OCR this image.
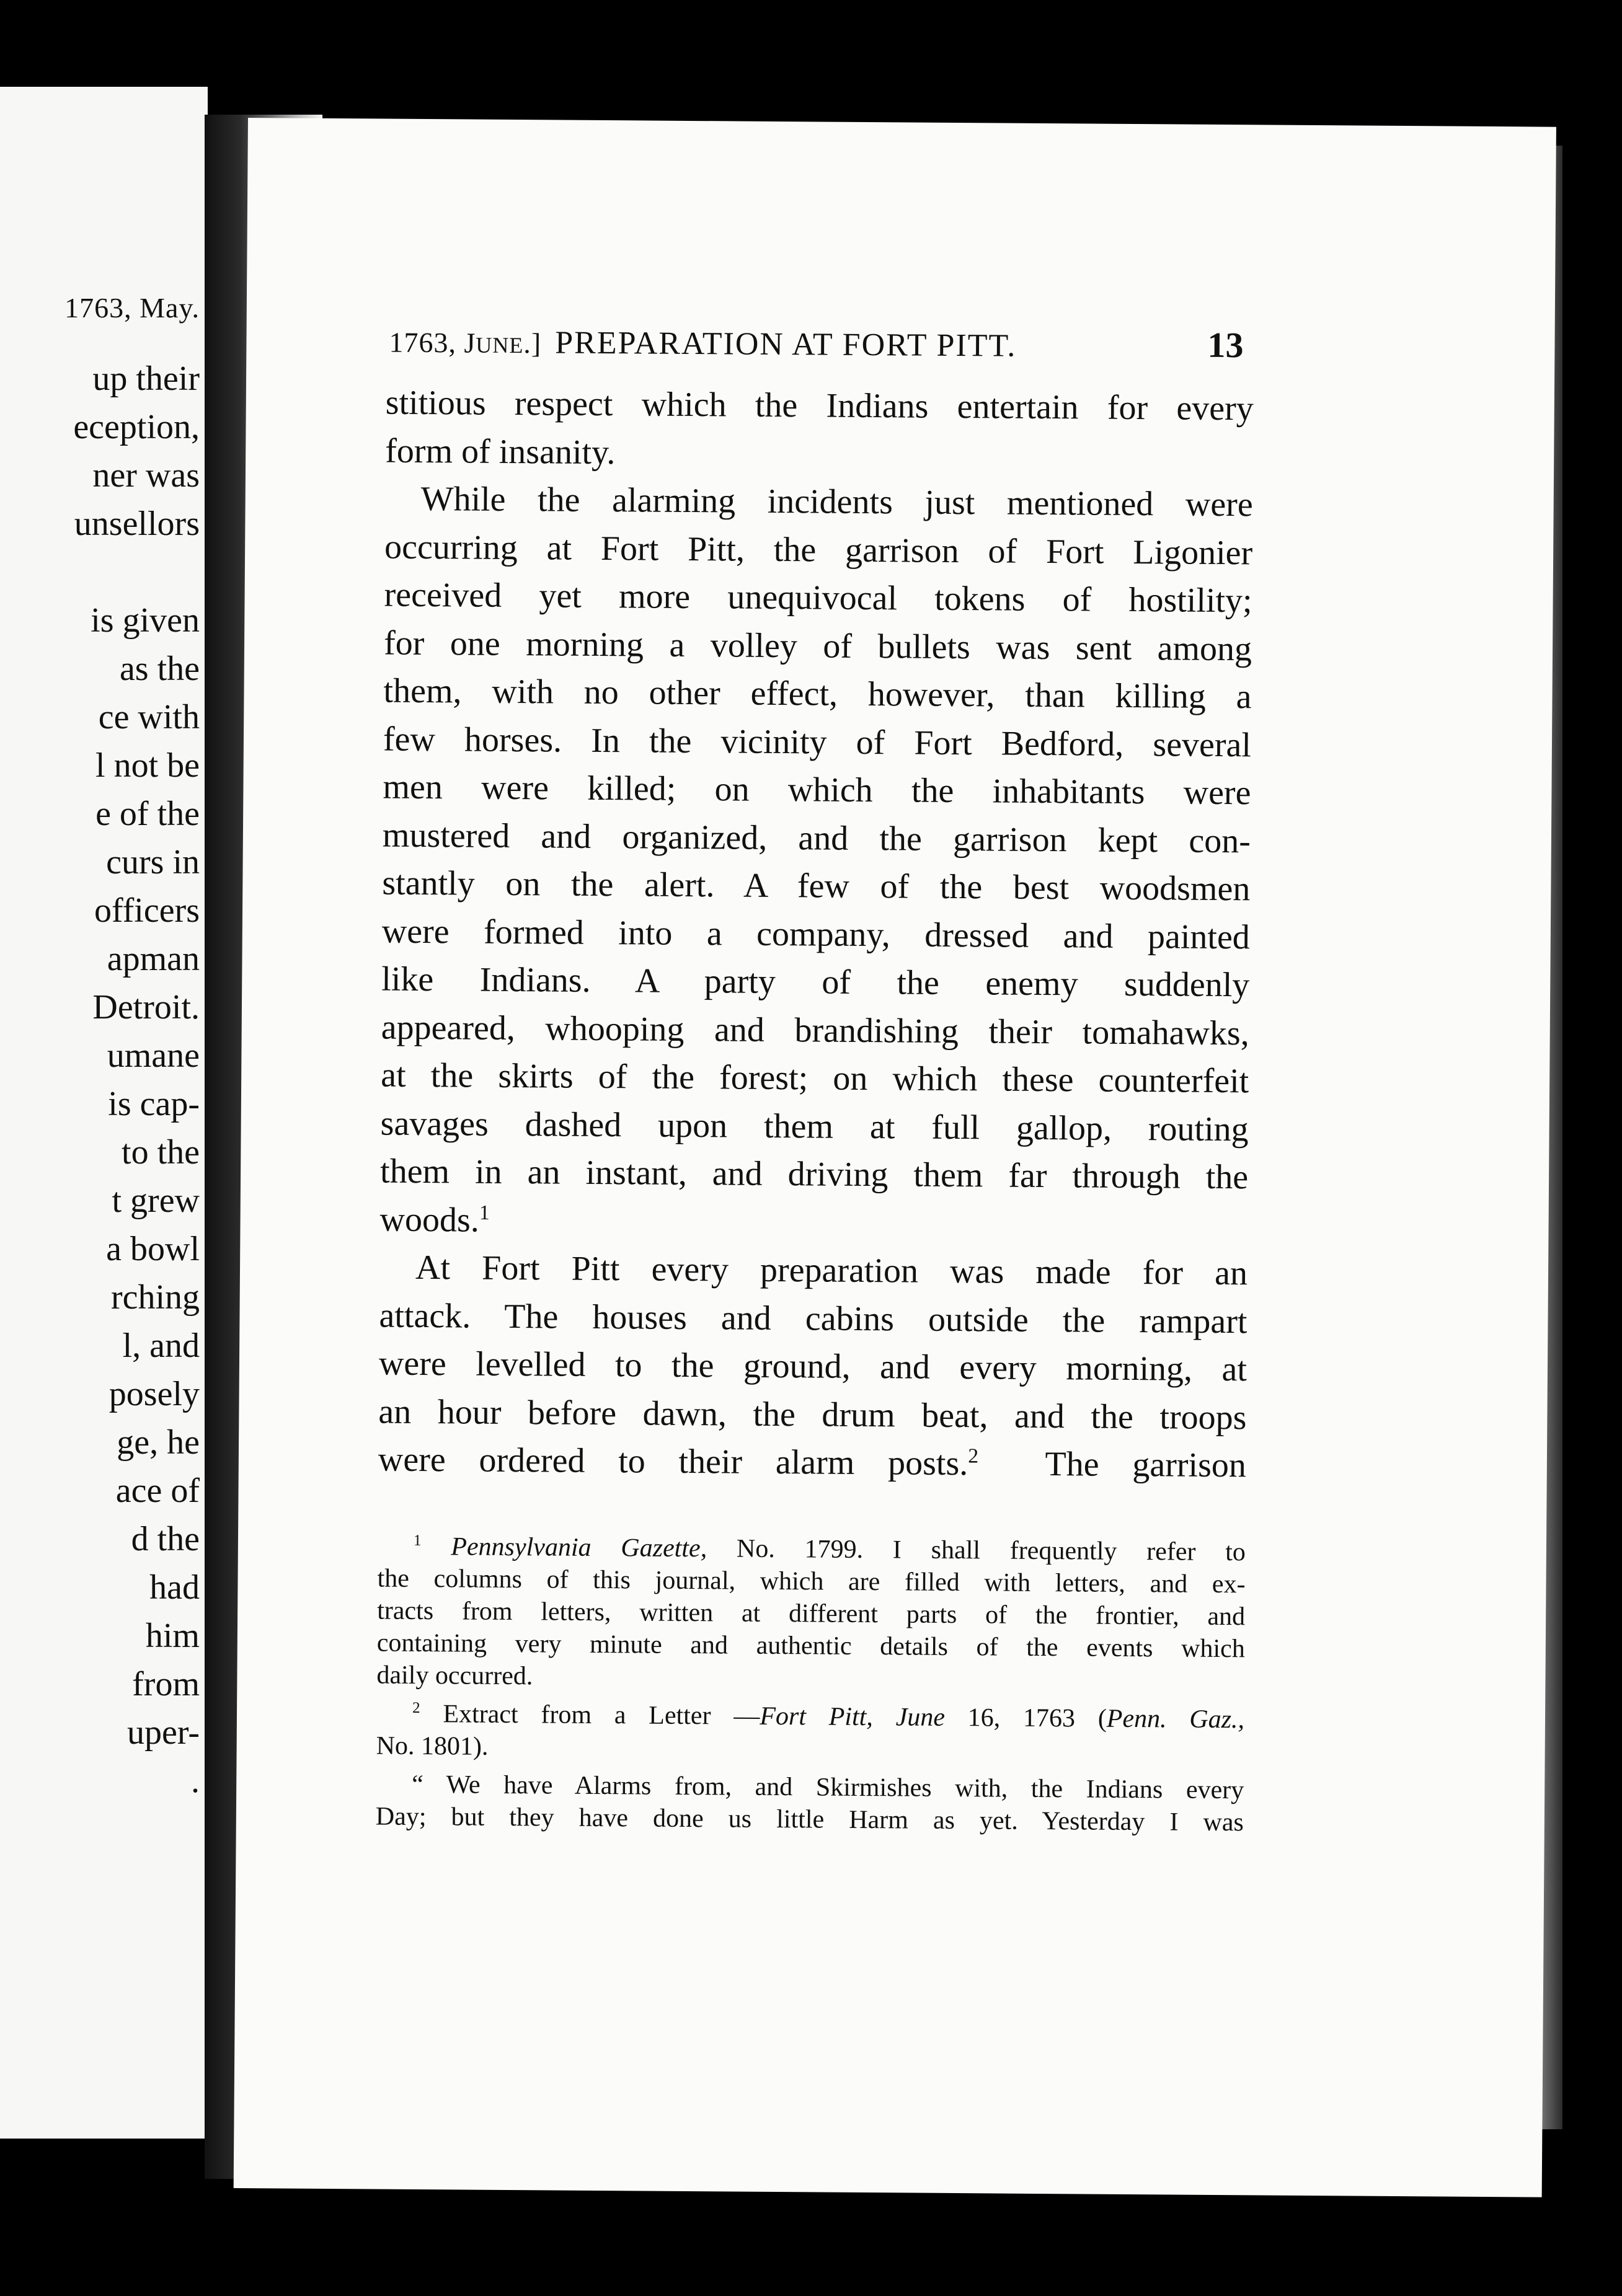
1763, May.
up their
eception,
ner was
unsellors
is given
as the
ce with
l not be
e of the
curs in
officers
apman
Detroit.
umane
is cap-
to the
t grew
a bowl
rching
l, and
posely
ge, he
ace of
d the
had
him
from
uper-
.
1763, JUNE.] PREPARATION AT FORT PITT.	13
stitious respect which the Indians entertain for every
form of insanity.
While the alarming incidents just mentioned were
occurring at Fort Pitt, the garrison of Fort Ligonier
received yet more unequivocal tokens of hostility;
for one morning a volley of bullets was sent among
them, with no other effect, however, than killing a
few horses. In the vicinity of Fort Bedford, several
men were killed; on which the inhabitants were
mustered and organized, and the garrison kept con-
stantly on the alert. A few of the best woodsmen
were formed into a company, dressed and painted
like Indians. A party of the enemy suddenly
appeared, whooping and brandishing their tomahawks,
at the skirts of the forest; on which these counterfeit
savages dashed upon them at full gallop, routing
them in an instant, and driving them far through the
woods.$^1$
At Fort Pitt every preparation was made for an
attack. The houses and cabins outside the rampart
were levelled to the ground, and every morning, at
an hour before dawn, the drum beat, and the troops
were ordered to their alarm posts.$^2$ The garrison
$^1$ Pennsylvania Gazette, No. 1799. I shall frequently refer to
the columns of this journal, which are filled with letters, and ex-
tracts from letters, written at different parts of the frontier, and
containing very minute and authentic details of the events which
daily occurred.
$^2$ Extract from a Letter —Fort Pitt, June 16, 1763 (Penn. Gaz.,
No. 1801).
“ We have Alarms from, and Skirmishes with, the Indians every
Day; but they have done us little Harm as yet. Yesterday I was
